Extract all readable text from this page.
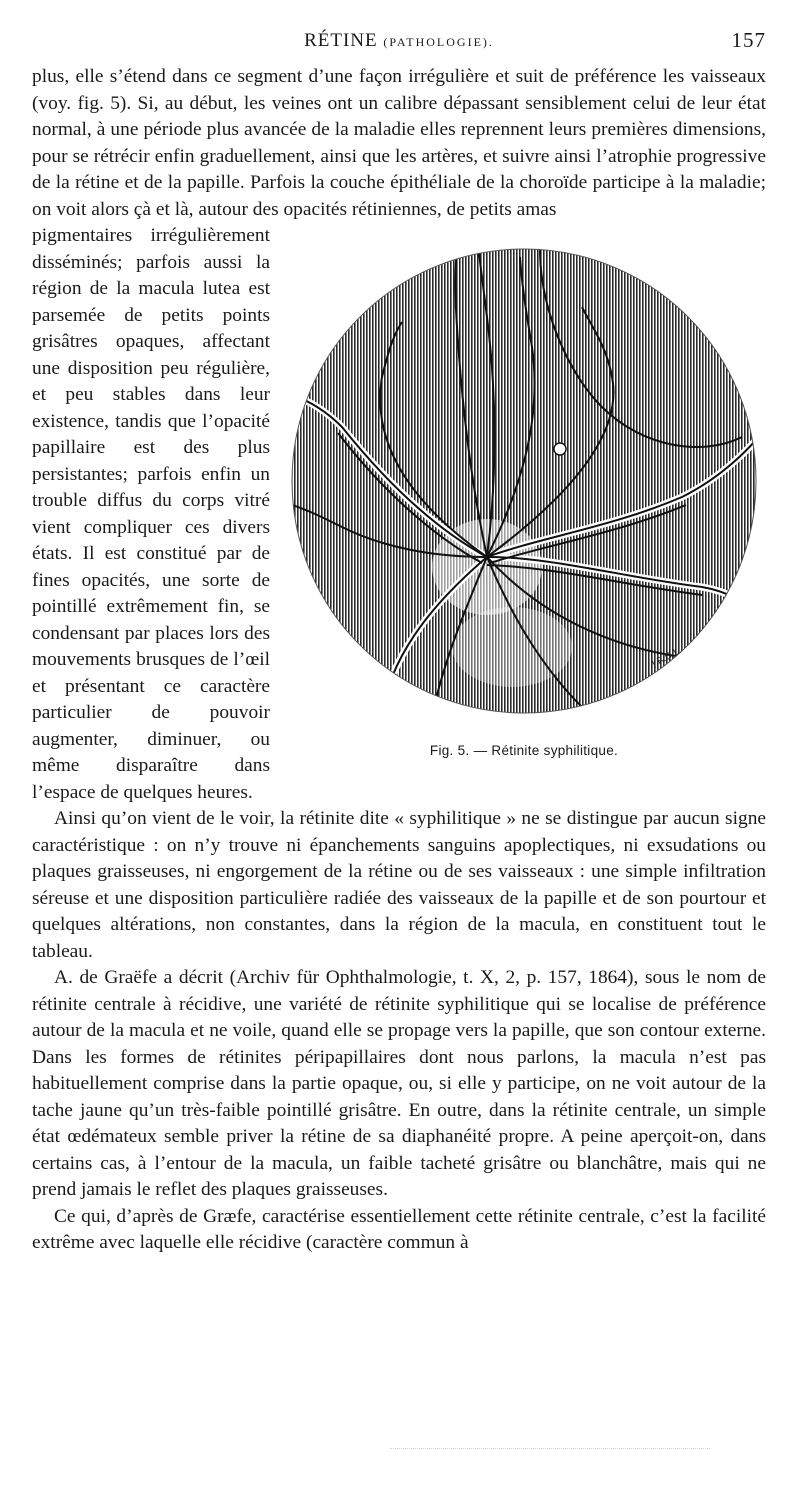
RÉTINE (PATHOLOGIE).	157

plus, elle s’étend dans ce segment d’une façon irrégulière et suit de préférence les vaisseaux (voy. fig. 5). Si, au début, les veines ont un calibre dépassant sensiblement celui de leur état normal, à une période plus avancée de la maladie elles reprennent leurs premières dimensions, pour se rétrécir enfin graduellement, ainsi que les artères, et suivre ainsi l’atrophie progressive de la rétine et de la papille. Parfois la couche épithéliale de la choroïde participe à la maladie; on voit alors çà et là, autour des opacités rétiniennes, de petits amas

J.R.D.L.
Fig. 5. — Rétinite syphilitique.

pigmentaires irrégulièrement disséminés; parfois aussi la région de la macula lutea est parsemée de petits points grisâtres opaques, affectant une disposition peu régulière, et peu stables dans leur existence, tandis que l’opacité papillaire est des plus persistantes; parfois enfin un trouble diffus du corps vitré vient compliquer ces divers états. Il est constitué par de fines opacités, une sorte de pointillé extrêmement fin, se condensant par places lors des mouvements brusques de l’œil et présentant ce caractère particulier de pouvoir augmenter, diminuer, ou même disparaître dans l’espace de quelques heures.

Ainsi qu’on vient de le voir, la rétinite dite « syphilitique » ne se distingue par aucun signe caractéristique : on n’y trouve ni épanchements sanguins apoplectiques, ni exsudations ou plaques graisseuses, ni engorgement de la rétine ou de ses vaisseaux : une simple infiltration séreuse et une disposition particulière radiée des vaisseaux de la papille et de son pourtour et quelques altérations, non constantes, dans la région de la macula, en constituent tout le tableau.

A. de Graëfe a décrit (Archiv für Ophthalmologie, t. X, 2, p. 157, 1864), sous le nom de rétinite centrale à récidive, une variété de rétinite syphilitique qui se localise de préférence autour de la macula et ne voile, quand elle se propage vers la papille, que son contour externe. Dans les formes de rétinites péripapillaires dont nous parlons, la macula n’est pas habituellement comprise dans la partie opaque, ou, si elle y participe, on ne voit autour de la tache jaune qu’un très-faible pointillé grisâtre. En outre, dans la rétinite centrale, un simple état œdémateux semble priver la rétine de sa diaphanéité propre. A peine aperçoit-on, dans certains cas, à l’entour de la macula, un faible tacheté grisâtre ou blanchâtre, mais qui ne prend jamais le reflet des plaques graisseuses.

Ce qui, d’après de Græfe, caractérise essentiellement cette rétinite centrale, c’est la facilité extrême avec laquelle elle récidive (caractère commun à
